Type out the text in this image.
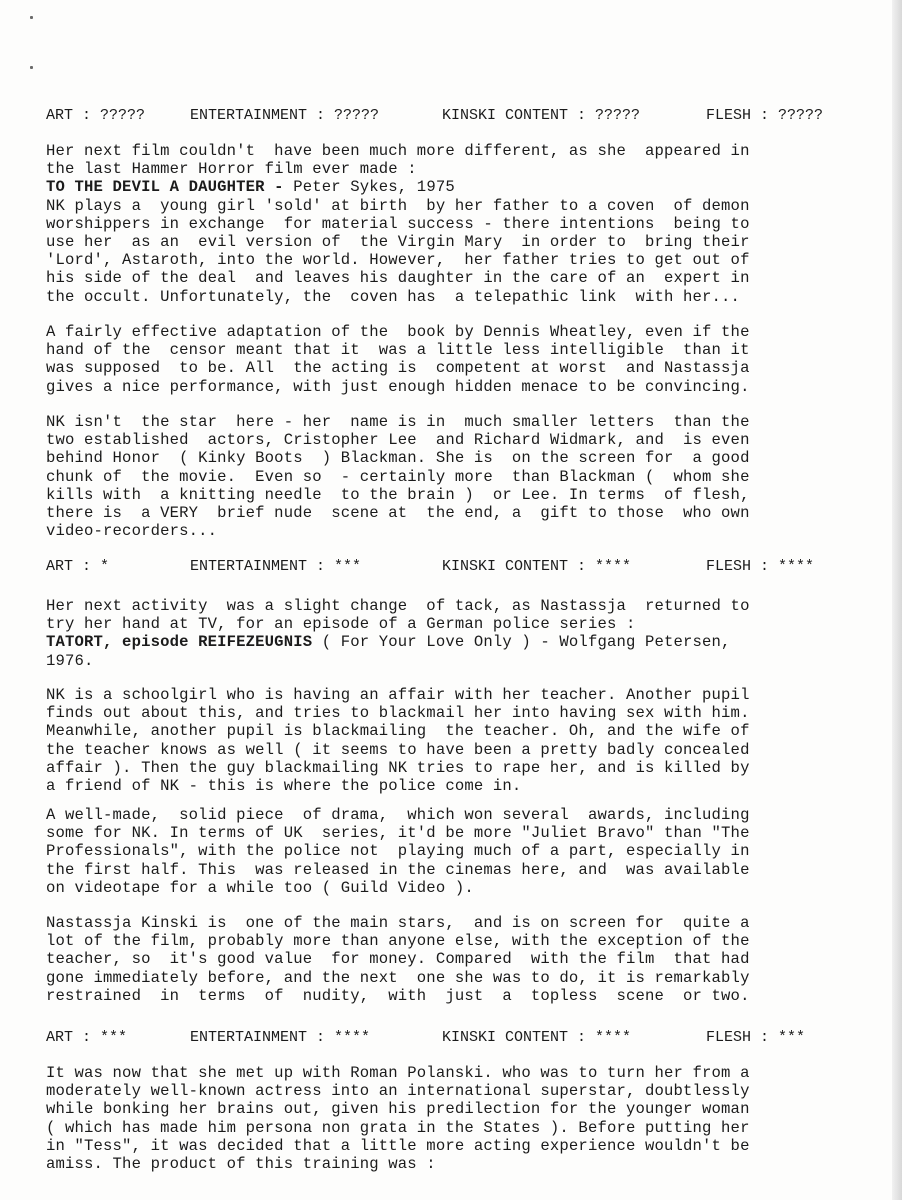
ART : ?????

	ENTERTAINMENT : ?????

	KINSKI CONTENT : ?????

	FLESH : ?????

Her next film couldn't  have been much more different, as she  appeared in

the last Hammer Horror film ever made :

TO THE DEVIL A DAUGHTER - Peter Sykes, 1975

NK plays a  young girl 'sold' at birth  by her father to a coven  of demon

worshippers in exchange  for material success - there intentions  being to

use her  as an  evil version of  the Virgin Mary  in order to  bring their

'Lord', Astaroth, into the world. However,  her father tries to get out of

his side of the deal  and leaves his daughter in the care of an  expert in

the occult. Unfortunately, the  coven has  a telepathic link  with her...

A fairly effective adaptation of the  book by Dennis Wheatley, even if the

hand of the  censor meant that it  was a little less intelligible  than it

was supposed  to be. All  the acting is  competent at worst  and Nastassja

gives a nice performance, with just enough hidden menace to be convincing.

NK isn't  the star  here - her  name is in  much smaller letters  than the

two established  actors, Cristopher Lee  and Richard Widmark, and  is even

behind Honor  ( Kinky Boots  ) Blackman. She is  on the screen for  a good

chunk of  the movie.  Even so  - certainly more  than Blackman (  whom she

kills with  a knitting needle  to the brain )  or Lee. In terms  of flesh,

there is  a VERY  brief nude  scene at  the end, a  gift to those  who own

video-recorders...

ART : *

	ENTERTAINMENT : ***

	KINSKI CONTENT : ****

	FLESH : ****

Her next activity  was a slight change  of tack, as Nastassja  returned to

try her hand at TV, for an episode of a German police series :

TATORT, episode REIFEZEUGNIS ( For Your Love Only ) - Wolfgang Petersen,

1976.

NK is a schoolgirl who is having an affair with her teacher. Another pupil

finds out about this, and tries to blackmail her into having sex with him.

Meanwhile, another pupil is blackmailing  the teacher. Oh, and the wife of

the teacher knows as well ( it seems to have been a pretty badly concealed

affair ). Then the guy blackmailing NK tries to rape her, and is killed by

a friend of NK - this is where the police come in.

A well-made,  solid piece  of drama,  which won several  awards, including

some for NK. In terms of UK  series, it'd be more "Juliet Bravo" than "The

Professionals", with the police not  playing much of a part, especially in

the first half. This  was released in the cinemas here, and  was available

on videotape for a while too ( Guild Video ).

Nastassja Kinski is  one of the main stars,  and is on screen for  quite a

lot of the film, probably more than anyone else, with the exception of the

teacher, so  it's good value  for money. Compared  with the film  that had

gone immediately before, and the next  one she was to do, it is remarkably

restrained  in  terms  of  nudity,  with  just  a  topless  scene  or two.

ART : ***

	ENTERTAINMENT : ****

	KINSKI CONTENT : ****

	FLESH : ***

It was now that she met up with Roman Polanski. who was to turn her from a

moderately well-known actress into an international superstar, doubtlessly

while bonking her brains out, given his predilection for the younger woman

( which has made him persona non grata in the States ). Before putting her

in "Tess", it was decided that a little more acting experience wouldn't be

amiss. The product of this training was :
